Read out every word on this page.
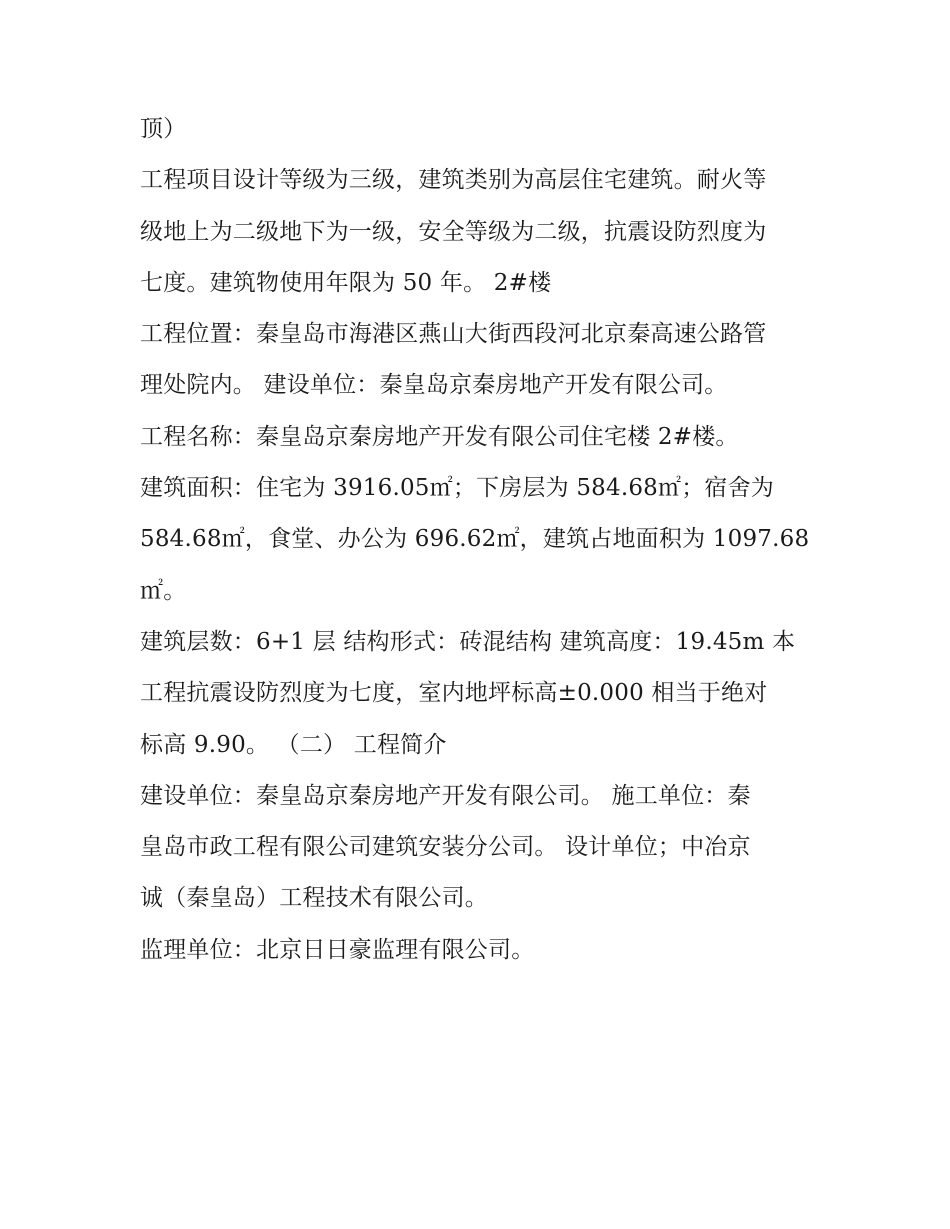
顶）
工程项目设计等级为三级，建筑类别为高层住宅建筑。耐火等
级地上为二级地下为一级，安全等级为二级，抗震设防烈度为
七度。建筑物使用年限为 50 年。 2#楼
工程位置：秦皇岛市海港区燕山大街西段河北京秦高速公路管
理处院内。 建设单位：秦皇岛京秦房地产开发有限公司。
工程名称：秦皇岛京秦房地产开发有限公司住宅楼 2#楼。
建筑面积：住宅为 3916.05㎡；下房层为 584.68㎡；宿舍为
584.68㎡，食堂、办公为 696.62㎡，建筑占地面积为 1097.68
㎡。
建筑层数：6+1 层 结构形式：砖混结构 建筑高度：19.45m 本
工程抗震设防烈度为七度，室内地坪标高±0.000 相当于绝对
标高 9.90。 （二） 工程简介
建设单位：秦皇岛京秦房地产开发有限公司。 施工单位：秦
皇岛市政工程有限公司建筑安装分公司。 设计单位；中冶京
诚（秦皇岛）工程技术有限公司。
监理单位：北京日日豪监理有限公司。
